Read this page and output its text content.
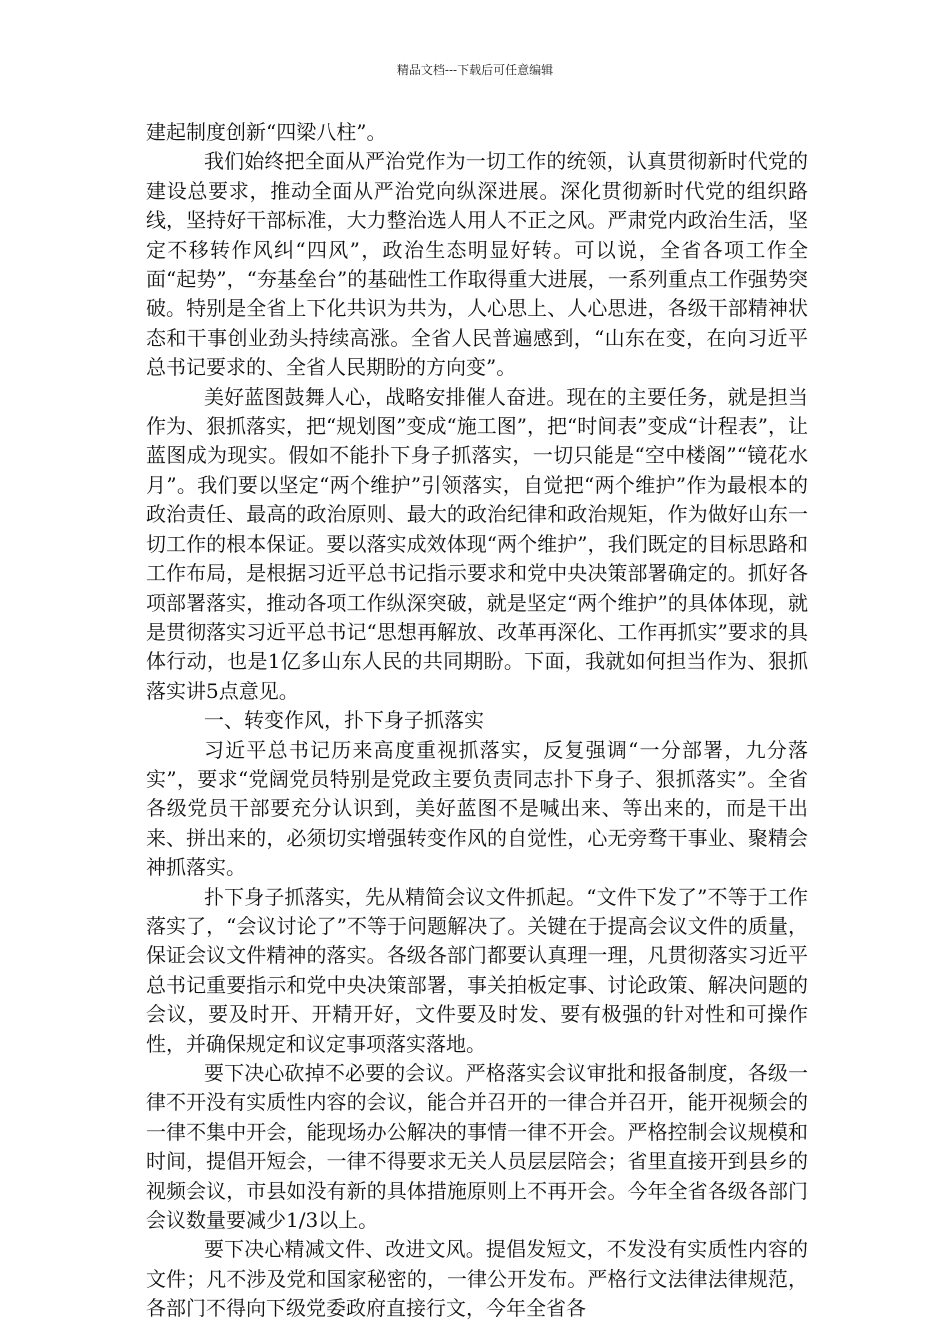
精品文档---下载后可任意编辑

建起制度创新“四梁八柱”。

我们始终把全面从严治党作为一切工作的统领，认真贯彻新时代党的建设总要求，推动全面从严治党向纵深进展。深化贯彻新时代党的组织路线，坚持好干部标准，大力整治选人用人不正之风。严肃党内政治生活，坚定不移转作风纠“四风”，政治生态明显好转。可以说，全省各项工作全面“起势”，“夯基垒台”的基础性工作取得重大进展，一系列重点工作强势突破。特别是全省上下化共识为共为，人心思上、人心思进，各级干部精神状态和干事创业劲头持续高涨。全省人民普遍感到，“山东在变，在向习近平总书记要求的、全省人民期盼的方向变”。

美好蓝图鼓舞人心，战略安排催人奋进。现在的主要任务，就是担当作为、狠抓落实，把“规划图”变成“施工图”，把“时间表”变成“计程表”，让蓝图成为现实。假如不能扑下身子抓落实，一切只能是“空中楼阁”“镜花水月”。我们要以坚定“两个维护”引领落实，自觉把“两个维护”作为最根本的政治责任、最高的政治原则、最大的政治纪律和政治规矩，作为做好山东一切工作的根本保证。要以落实成效体现“两个维护”，我们既定的目标思路和工作布局，是根据习近平总书记指示要求和党中央决策部署确定的。抓好各项部署落实，推动各项工作纵深突破，就是坚定“两个维护”的具体体现，就是贯彻落实习近平总书记“思想再解放、改革再深化、工作再抓实”要求的具体行动，也是1亿多山东人民的共同期盼。下面，我就如何担当作为、狠抓落实讲5点意见。

一、转变作风，扑下身子抓落实

习近平总书记历来高度重视抓落实，反复强调“一分部署，九分落实”，要求“党阔党员特别是党政主要负责同志扑下身子、狠抓落实”。全省各级党员干部要充分认识到，美好蓝图不是喊出来、等出来的，而是干出来、拼出来的，必须切实增强转变作风的自觉性，心无旁骛干事业、聚精会神抓落实。

扑下身子抓落实，先从精简会议文件抓起。“文件下发了”不等于工作落实了，“会议讨论了”不等于问题解决了。关键在于提高会议文件的质量，保证会议文件精神的落实。各级各部门都要认真理一理，凡贯彻落实习近平总书记重要指示和党中央决策部署，事关拍板定事、讨论政策、解决问题的会议，要及时开、开精开好，文件要及时发、要有极强的针对性和可操作性，并确保规定和议定事项落实落地。

要下决心砍掉不必要的会议。严格落实会议审批和报备制度，各级一律不开没有实质性内容的会议，能合并召开的一律合并召开，能开视频会的一律不集中开会，能现场办公解决的事情一律不开会。严格控制会议规模和时间，提倡开短会，一律不得要求无关人员层层陪会；省里直接开到县乡的视频会议，市县如没有新的具体措施原则上不再开会。今年全省各级各部门会议数量要减少1/3以上。

要下决心精减文件、改进文风。提倡发短文，不发没有实质性内容的文件；凡不涉及党和国家秘密的，一律公开发布。严格行文法律法律规范，各部门不得向下级党委政府直接行文，今年全省各
